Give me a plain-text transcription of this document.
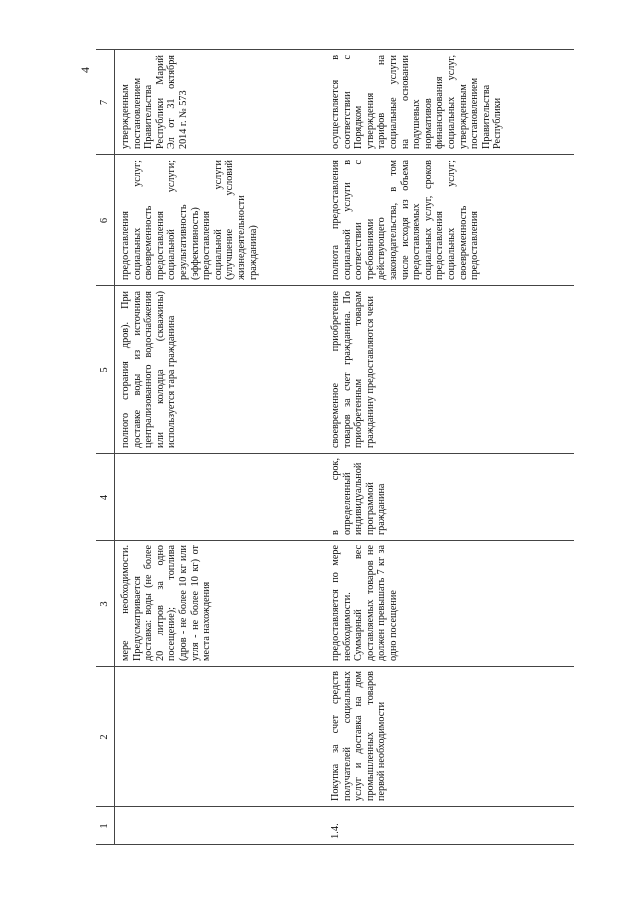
4
1
2
3
4
5
6
7
мере необходимости. Предусматривается доставка: воды (не более 20 литров за одно посещение); топлива (дров - не более 10 кг или угля - не более 10 кг) от места нахождения
полного сгорания дров). При доставке воды из источника централизованного водоснабжения или колодца (скважины) используется тара гражданина
предоставления социальных услуг; своевременность предоставления социальной услуги; результативность (эффективность) предоставления социальной услуги (улучшение условий жизнедеятельности гражданина)
утвержденным постановлением Правительства Республики Марий Эл от 31 октября 2014 г. № 573
1.4.
Покупка за счет средств получателей социальных услуг и доставка на дом промышленных товаров первой необходимости
предоставляется по мере необходимости. Суммарный вес доставляемых товаров не должен превышать 7 кг за одно посещение
в срок, определенный индивидуальной программой гражданина
своевременное приобретение товаров за счет гражданина. По приобретенным товарам гражданину предоставляются чеки
полнота предоставления социальной услуги в соответствии с требованиями действующего законодательства, в том числе исходя из объема предоставляемых социальных услуг, сроков предоставления социальных услуг; своевременность предоставления
осуществляется в соответствии с Порядком утверждения тарифов на социальные услуги на основании подушевых нормативов финансирования социальных услуг, утвержденным постановлением Правительства Республики
